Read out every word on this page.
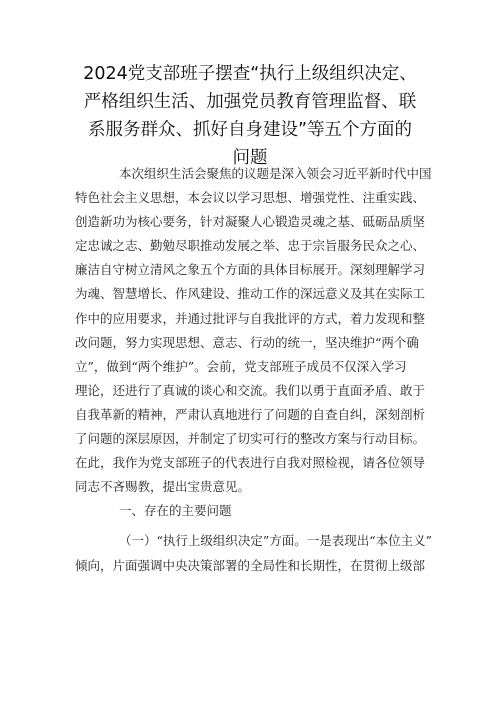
2024党支部班子摆查“执行上级组织决定、
严格组织生活、加强党员教育管理监督、联
系服务群众、抓好自身建设”等五个方面的
问题
本次组织生活会聚焦的议题是深入领会习近平新时代中国
特色社会主义思想，本会议以学习思想、增强党性、注重实践、
创造新功为核心要务，针对凝聚人心锻造灵魂之基、砥砺品质坚
定忠诚之志、勤勉尽职推动发展之举、忠于宗旨服务民众之心、
廉洁自守树立清风之象五个方面的具体目标展开。深刻理解学习
为魂、智慧增长、作风建设、推动工作的深远意义及其在实际工
作中的应用要求，并通过批评与自我批评的方式，着力发现和整
改问题，努力实现思想、意志、行动的统一，坚决维护“两个确
立”，做到“两个维护”。会前，党支部班子成员不仅深入学习
理论，还进行了真诚的谈心和交流。我们以勇于直面矛盾、敢于
自我革新的精神，严肃认真地进行了问题的自查自纠，深刻剖析
了问题的深层原因，并制定了切实可行的整改方案与行动目标。
在此，我作为党支部班子的代表进行自我对照检视，请各位领导
同志不吝赐教，提出宝贵意见。
一、存在的主要问题
（一）“执行上级组织决定”方面。一是表现出“本位主义”
倾向，片面强调中央决策部署的全局性和长期性，在贯彻上级部
